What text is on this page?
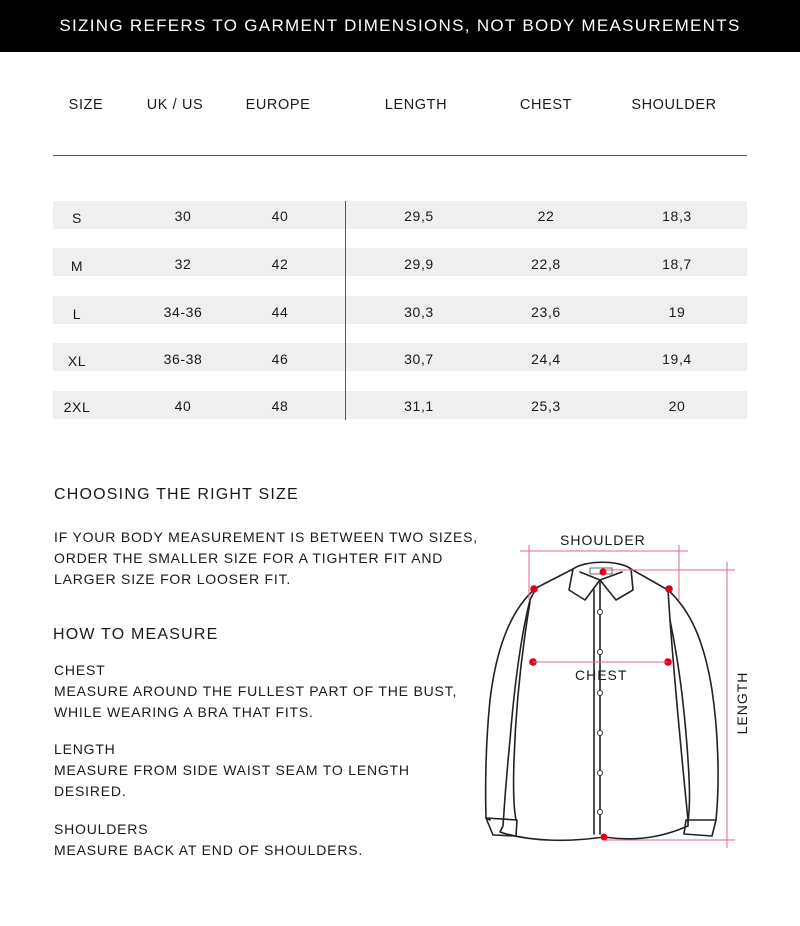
SIZING REFERS TO GARMENT DIMENSIONS, NOT BODY MEASUREMENTS
SIZE	UK / US	EUROPE	LENGTH	CHEST	SHOULDER
S	30	40	29,5	22	18,3
M	32	42	29,9	22,8	18,7
L	34-36	44	30,3	23,6	19
XL	36-38	46	30,7	24,4	19,4
2XL	40	48	31,1	25,3	20
CHOOSING THE RIGHT SIZE
IF YOUR BODY MEASUREMENT IS BETWEEN TWO SIZES,
ORDER THE SMALLER SIZE FOR A TIGHTER FIT AND
LARGER SIZE FOR LOOSER FIT.
HOW TO MEASURE
CHEST
MEASURE AROUND THE FULLEST PART OF THE BUST,
WHILE WEARING A BRA THAT FITS.
LENGTH
MEASURE FROM SIDE WAIST SEAM TO LENGTH
DESIRED.
SHOULDERS
MEASURE BACK AT END OF SHOULDERS.
SHOULDER
CHEST	LENGTH
